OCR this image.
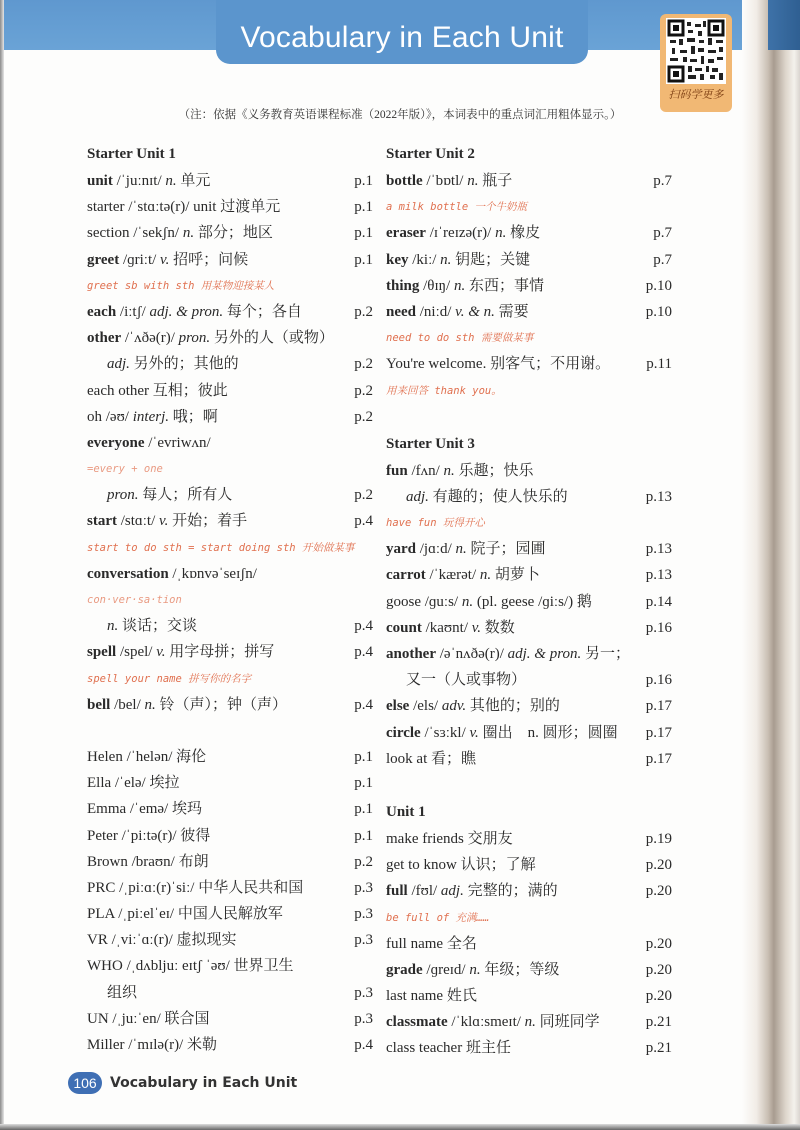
Vocabulary in Each Unit
扫码学更多
（注：依据《义务教育英语课程标准（2022年版）》，本词表中的重点词汇用粗体显示。）
Starter Unit 1
unit /ˈjuːnɪt/ n. 单元	p.1
starter /ˈstɑːtə(r)/ unit 过渡单元	p.1
section /ˈsekʃn/ n. 部分；地区	p.1
greet /ɡriːt/ v. 招呼；问候	p.1
greet sb with sth 用某物迎接某人
each /iːtʃ/ adj. & pron. 每个；各自	p.2
other /ˈʌðə(r)/ pron. 另外的人（或物）
adj. 另外的；其他的	p.2
each other 互相；彼此	p.2
oh /əʊ/ interj. 哦；啊	p.2
everyone /ˈevriwʌn/
=every + one
pron. 每人；所有人	p.2
start /stɑːt/ v. 开始；着手	p.4
start to do sth = start doing sth 开始做某事
conversation /ˌkɒnvəˈseɪʃn/
con·ver·sa·tion
n. 谈话；交谈	p.4
spell /spel/ v. 用字母拼；拼写	p.4
spell your name 拼写你的名字
bell /bel/ n. 铃（声）；钟（声）	p.4
Helen /ˈhelən/ 海伦	p.1
Ella /ˈelə/ 埃拉	p.1
Emma /ˈemə/ 埃玛	p.1
Peter /ˈpiːtə(r)/ 彼得	p.1
Brown /braʊn/ 布朗	p.2
PRC /ˌpiːɑː(r)ˈsiː/ 中华人民共和国	p.3
PLA /ˌpiːelˈeɪ/ 中国人民解放军	p.3
VR /ˌviːˈɑː(r)/ 虚拟现实	p.3
WHO /ˌdʌbljuː eɪtʃ ˈəʊ/ 世界卫生
组织	p.3
UN /ˌjuːˈen/ 联合国	p.3
Miller /ˈmɪlə(r)/ 米勒	p.4
Starter Unit 2
bottle /ˈbɒtl/ n. 瓶子	p.7
a milk bottle 一个牛奶瓶
eraser /ɪˈreɪzə(r)/ n. 橡皮	p.7
key /kiː/ n. 钥匙；关键	p.7
thing /θɪŋ/ n. 东西；事情	p.10
need /niːd/ v. & n. 需要	p.10
need to do sth 需要做某事
You're welcome. 别客气；不用谢。 p.11
用来回答 thank you。
Starter Unit 3
fun /fʌn/ n. 乐趣；快乐
adj. 有趣的；使人快乐的	p.13
have fun 玩得开心
yard /jɑːd/ n. 院子；园圃	p.13
carrot /ˈkærət/ n. 胡萝卜	p.13
goose /ɡuːs/ n. (pl. geese /ɡiːs/) 鹅	p.14
count /kaʊnt/ v. 数数	p.16
another /əˈnʌðə(r)/ adj. & pron. 另一；
又一（人或事物）	p.16
else /els/ adv. 其他的；别的	p.17
circle /ˈsɜːkl/ v. 圈出　n. 圆形；圆圈 p.17
look at 看；瞧	p.17
Unit 1
make friends 交朋友	p.19
get to know 认识；了解	p.20
full /fʊl/ adj. 完整的；满的	p.20
be full of 充满……
full name 全名	p.20
grade /ɡreɪd/ n. 年级；等级	p.20
last name 姓氏	p.20
classmate /ˈklɑːsmeɪt/ n. 同班同学	p.21
class teacher 班主任	p.21
106 Vocabulary in Each Unit
